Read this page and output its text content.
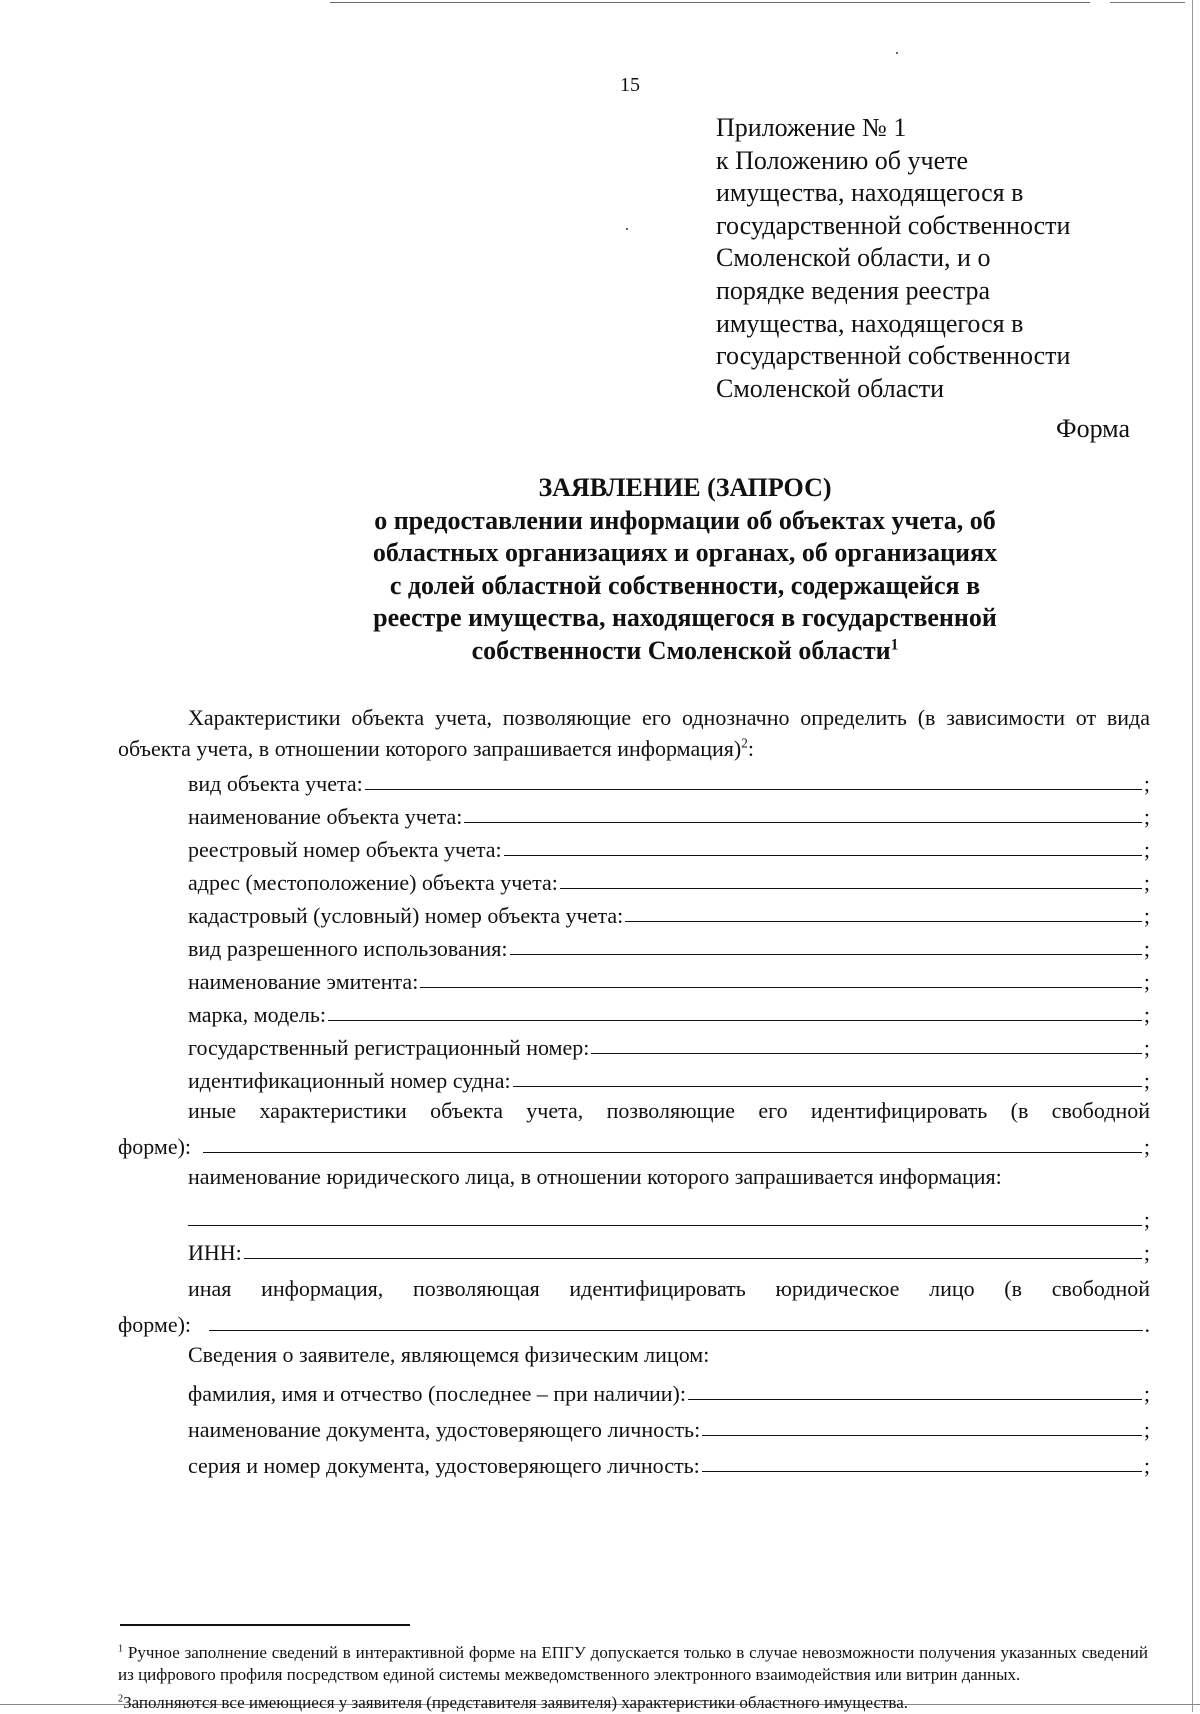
15
Приложение № 1
к Положению об учете
имущества, находящегося в
государственной собственности
Смоленской области, и о
порядке ведения реестра
имущества, находящегося в
государственной собственности
Смоленской области
Форма
ЗАЯВЛЕНИЕ (ЗАПРОС)
о предоставлении информации об объектах учета, об
областных организациях и органах, об организациях
с долей областной собственности, содержащейся в
реестре имущества, находящегося в государственной
собственности Смоленской области$^1$

Характеристики объекта учета, позволяющие его однозначно определить (в зависимости от вида объекта учета, в отношении которого запрашивается информация)$^2$:

вид объекта учета:	;
наименование объекта учета:	;
реестровый номер объекта учета:	;
адрес (местоположение) объекта учета:	;
кадастровый (условный) номер объекта учета:	;
вид разрешенного использования:	;
наименование эмитента:	;
марка, модель:	;
государственный регистрационный номер:	;
идентификационный номер судна:	;
иные характеристики объекта учета, позволяющие его идентифицировать (в свободной
форме):	;
наименование юридического лица, в отношении которого запрашивается информация:
;
ИНН:	;
иная информация, позволяющая идентифицировать юридическое лицо (в свободной
форме):	.
Сведения о заявителе, являющемся физическим лицом:
фамилия, имя и отчество (последнее – при наличии):	;
наименование документа, удостоверяющего личность:	;
серия и номер документа, удостоверяющего личность:	;

$^1$ Ручное заполнение сведений в интерактивной форме на ЕПГУ допускается только в случае невозможности получения указанных сведений из цифрового профиля посредством единой системы межведомственного электронного взаимодействия или витрин данных.

$^2$Заполняются все имеющиеся у заявителя (представителя заявителя) характеристики областного имущества.
